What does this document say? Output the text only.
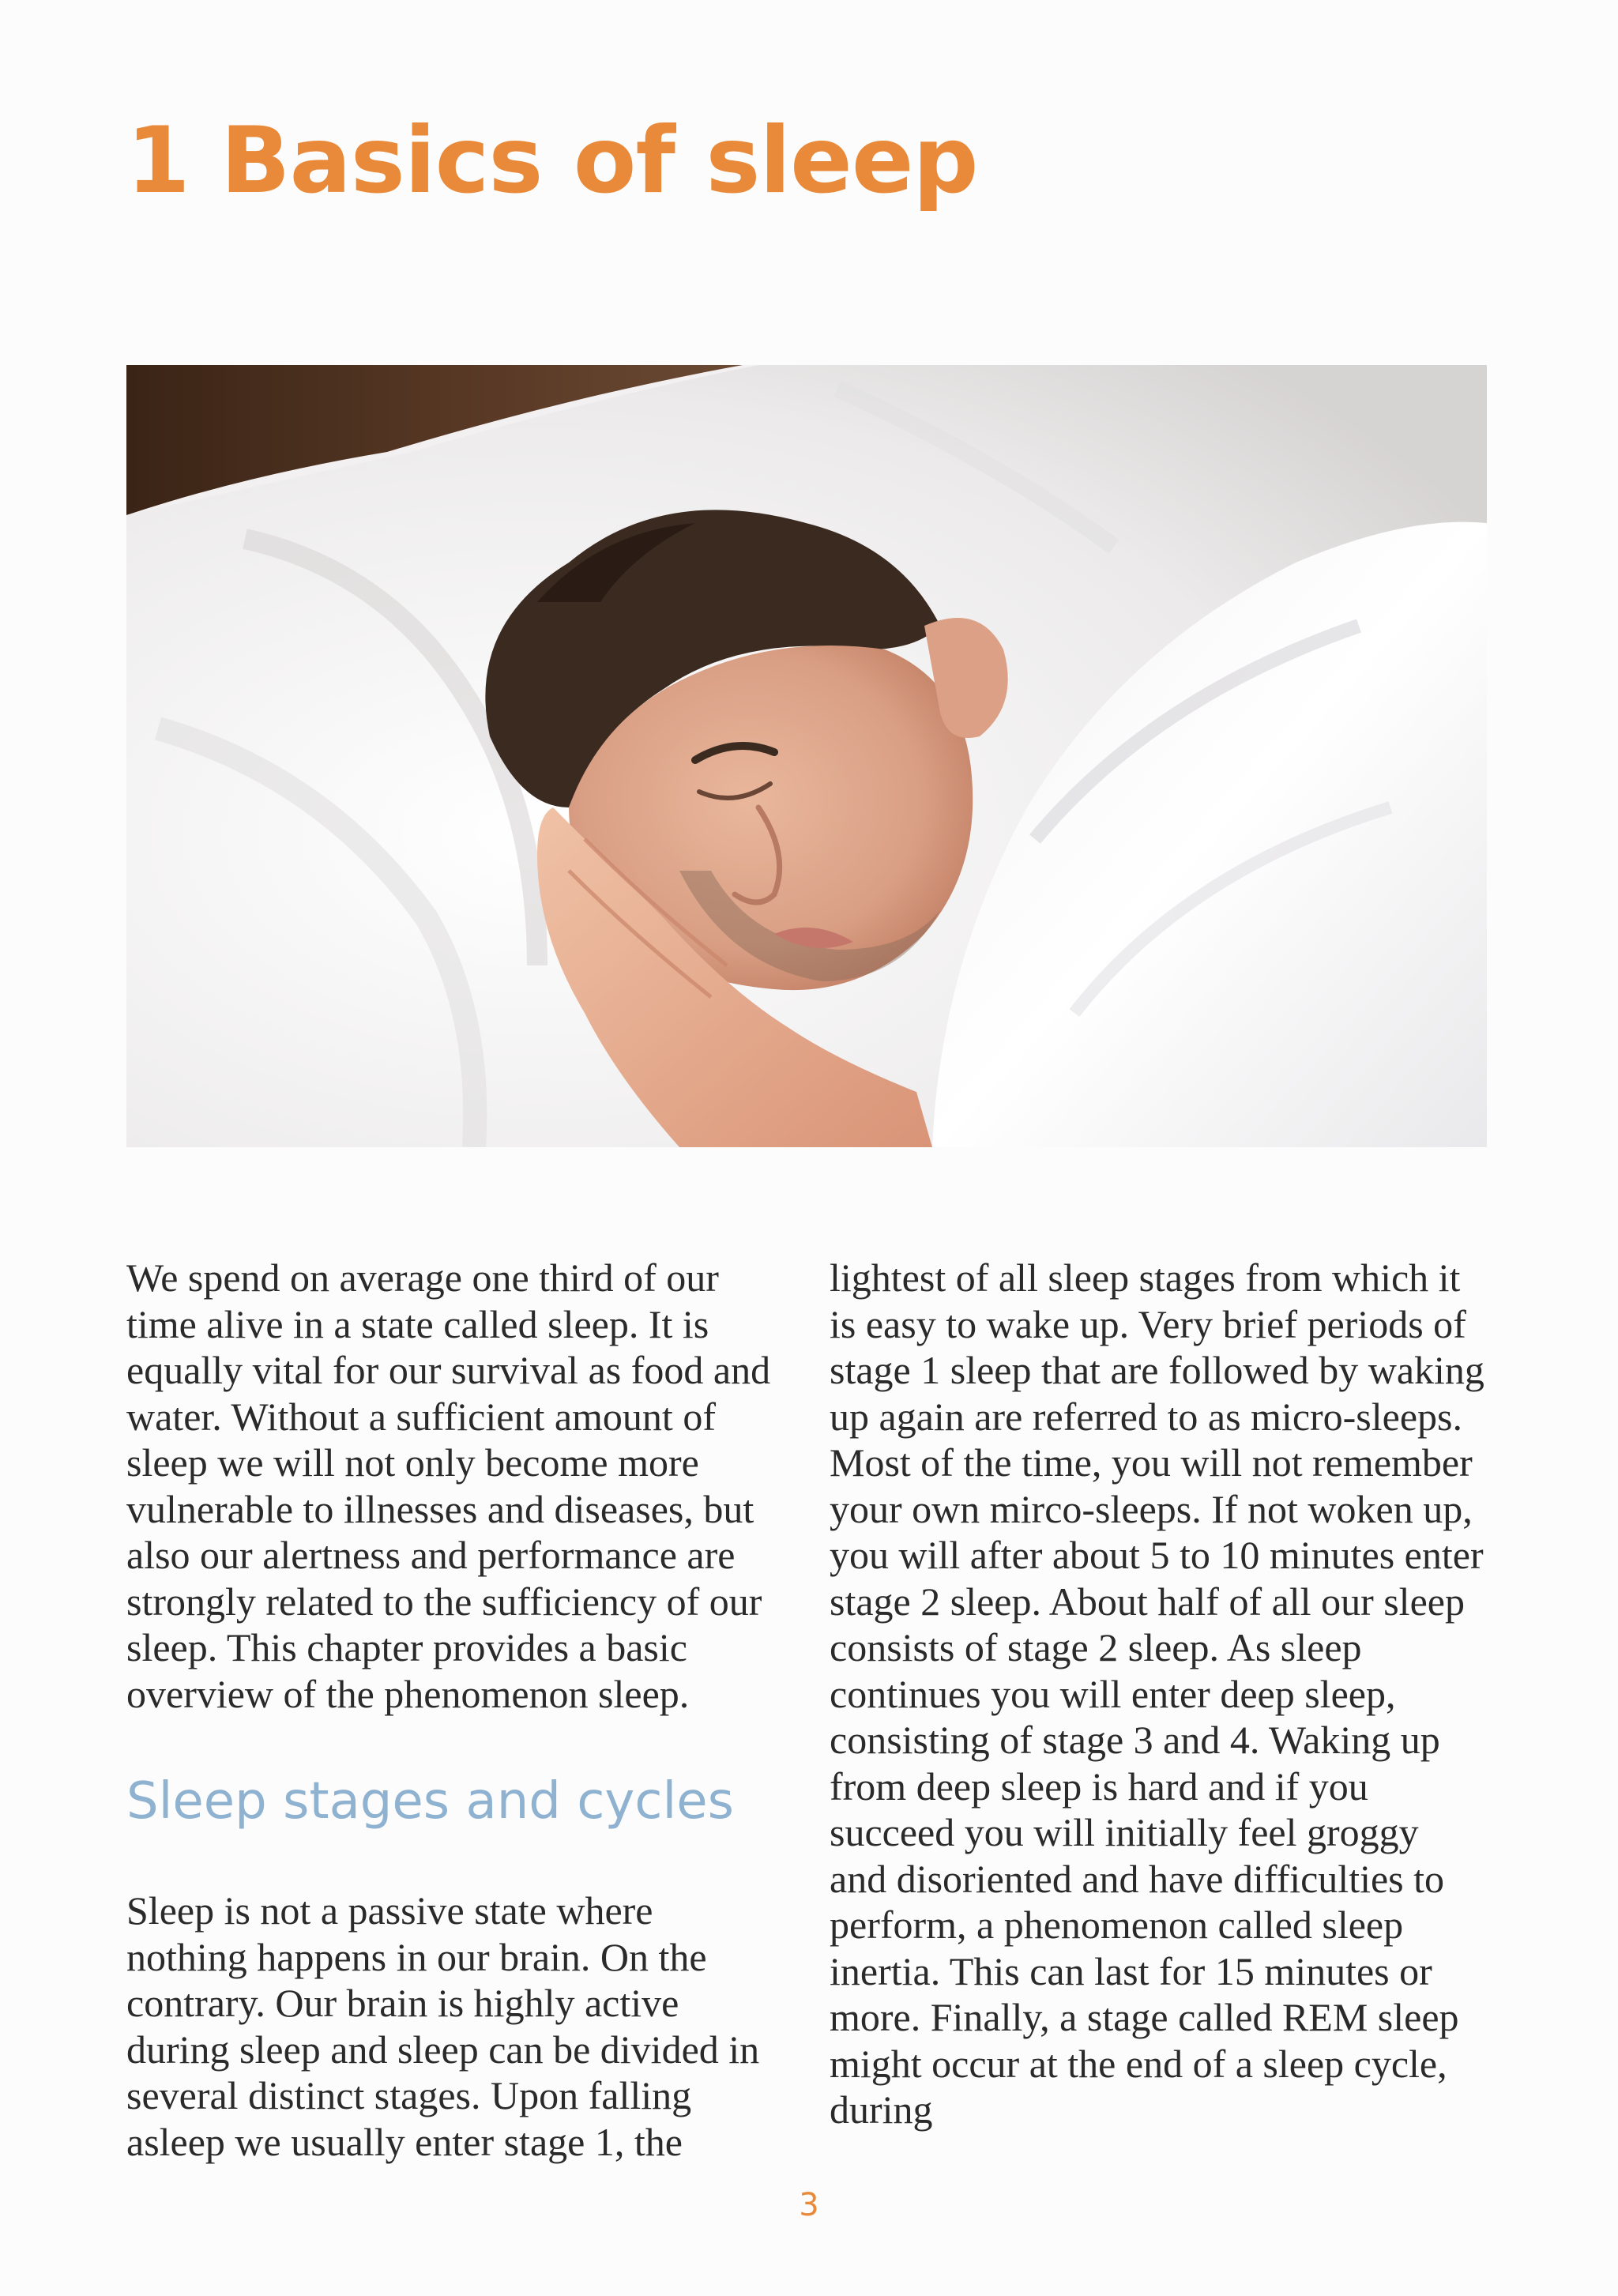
1 Basics of sleep

We spend on average one third of our time alive in a state called sleep. It is equally vital for our survival as food and water. Without a sufficient amount of sleep we will not only become more vulnerable to illnesses and diseases, but also our alertness and performance are strongly related to the sufficiency of our sleep. This chapter provides a basic overview of the phenomenon sleep.

Sleep stages and cycles

Sleep is not a passive state where nothing happens in our brain. On the contrary. Our brain is highly active during sleep and sleep can be divided in several distinct stages. Upon falling asleep we usually enter stage 1, the

lightest of all sleep stages from which it is easy to wake up. Very brief periods of stage 1 sleep that are followed by waking up again are referred to as micro-sleeps. Most of the time, you will not remember your own mirco-sleeps. If not woken up, you will after about 5 to 10 minutes enter stage 2 sleep. About half of all our sleep consists of stage 2 sleep. As sleep continues you will enter deep sleep, consisting of stage 3 and 4. Waking up from deep sleep is hard and if you succeed you will initially feel groggy and disoriented and have difficulties to perform, a phenomenon called sleep inertia. This can last for 15 minutes or more. Finally, a stage called REM sleep might occur at the end of a sleep cycle, during

3
